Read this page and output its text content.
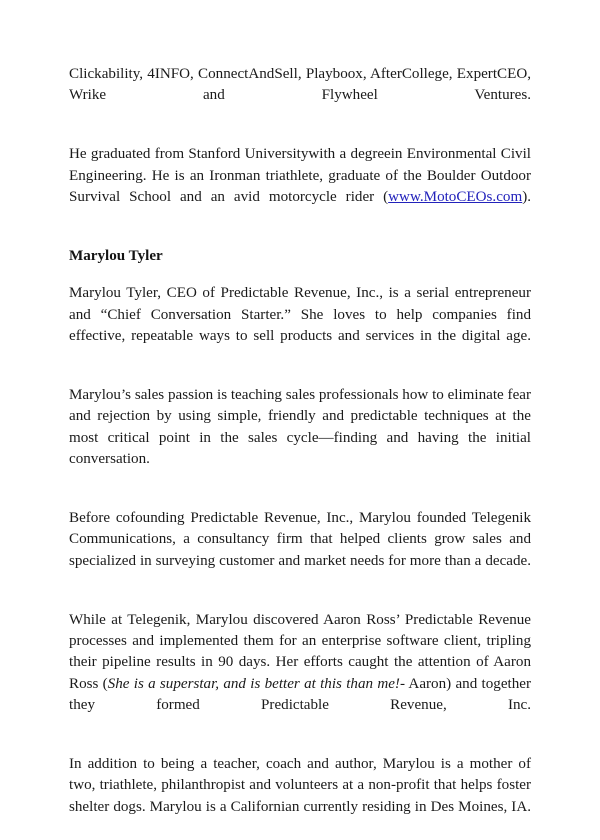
Clickability, 4INFO, ConnectAndSell, Playboox, AfterCollege, ExpertCEO, Wrike and Flywheel Ventures.

He graduated from Stanford Universitywith a degreein Environmental Civil Engineering. He is an Ironman triathlete, graduate of the Boulder Outdoor Survival School and an avid motorcycle rider (www.MotoCEOs.com).

Marylou Tyler

Marylou Tyler, CEO of Predictable Revenue, Inc., is a serial entrepreneur and “Chief Conversation Starter.” She loves to help companies find effective, repeatable ways to sell products and services in the digital age.

Marylou’s sales passion is teaching sales professionals how to eliminate fear and rejection by using simple, friendly and predictable techniques at the most critical point in the sales cycle—finding and having the initial conversation.

Before cofounding Predictable Revenue, Inc., Marylou founded Telegenik Communications, a consultancy firm that helped clients grow sales and specialized in surveying customer and market needs for more than a decade.

While at Telegenik, Marylou discovered Aaron Ross’ Predictable Revenue processes and implemented them for an enterprise software client, tripling their pipeline results in 90 days. Her efforts caught the attention of Aaron Ross (She is a superstar, and is better at this than me!- Aaron) and together they formed Predictable Revenue, Inc.

In addition to being a teacher, coach and author, Marylou is a mother of two, triathlete, philanthropist and volunteers at a non-profit that helps foster shelter dogs. Marylou is a Californian currently residing in Des Moines, IA.
